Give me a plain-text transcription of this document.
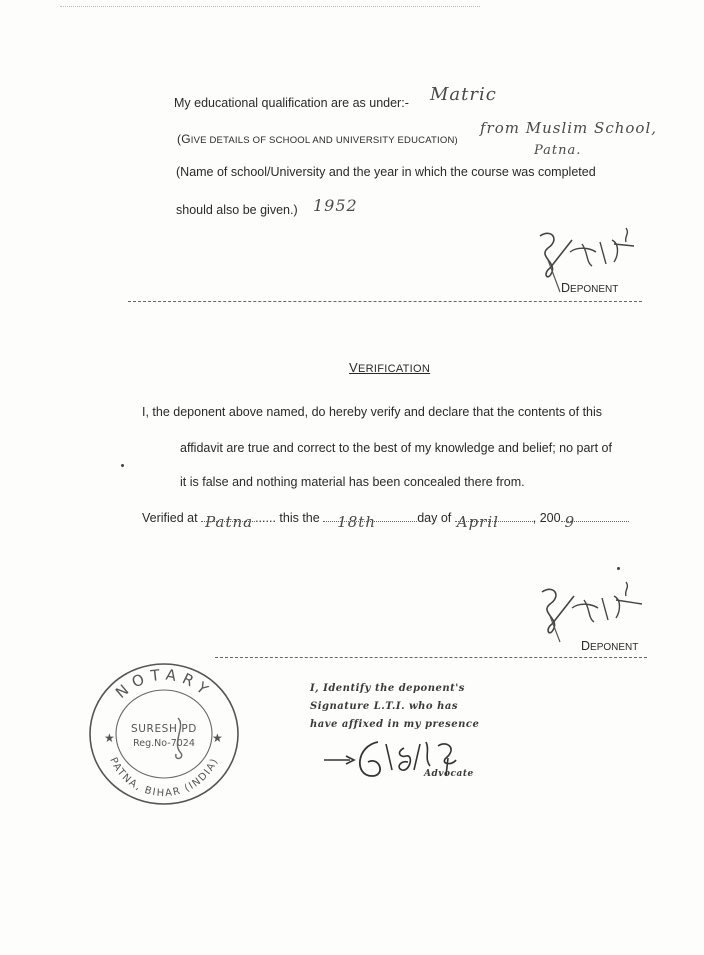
My educational qualification are as under:- Matric
(GIVE DETAILS OF SCHOOL AND UNIVERSITY EDUCATION)
from Muslim School,
Patna.
(Name of school/University and the year in which the course was completed
should also be given.) 1952
DEPONENT
VERIFICATION
I, the deponent above named, do hereby verify and declare that the contents of this
affidavit are true and correct to the best of my knowledge and belief; no part of
it is false and nothing material has been concealed there from.
Verified at Patna ...... this the 18th	day of April	, 200 9
DEPONENT
NOTARY
PATNA, BIHAR (INDIA)
★	★
SURESH PD
Reg.No-7024
I, Identify the deponent's
Signature L.T.I. who has
have affixed in my presence
Advocate
